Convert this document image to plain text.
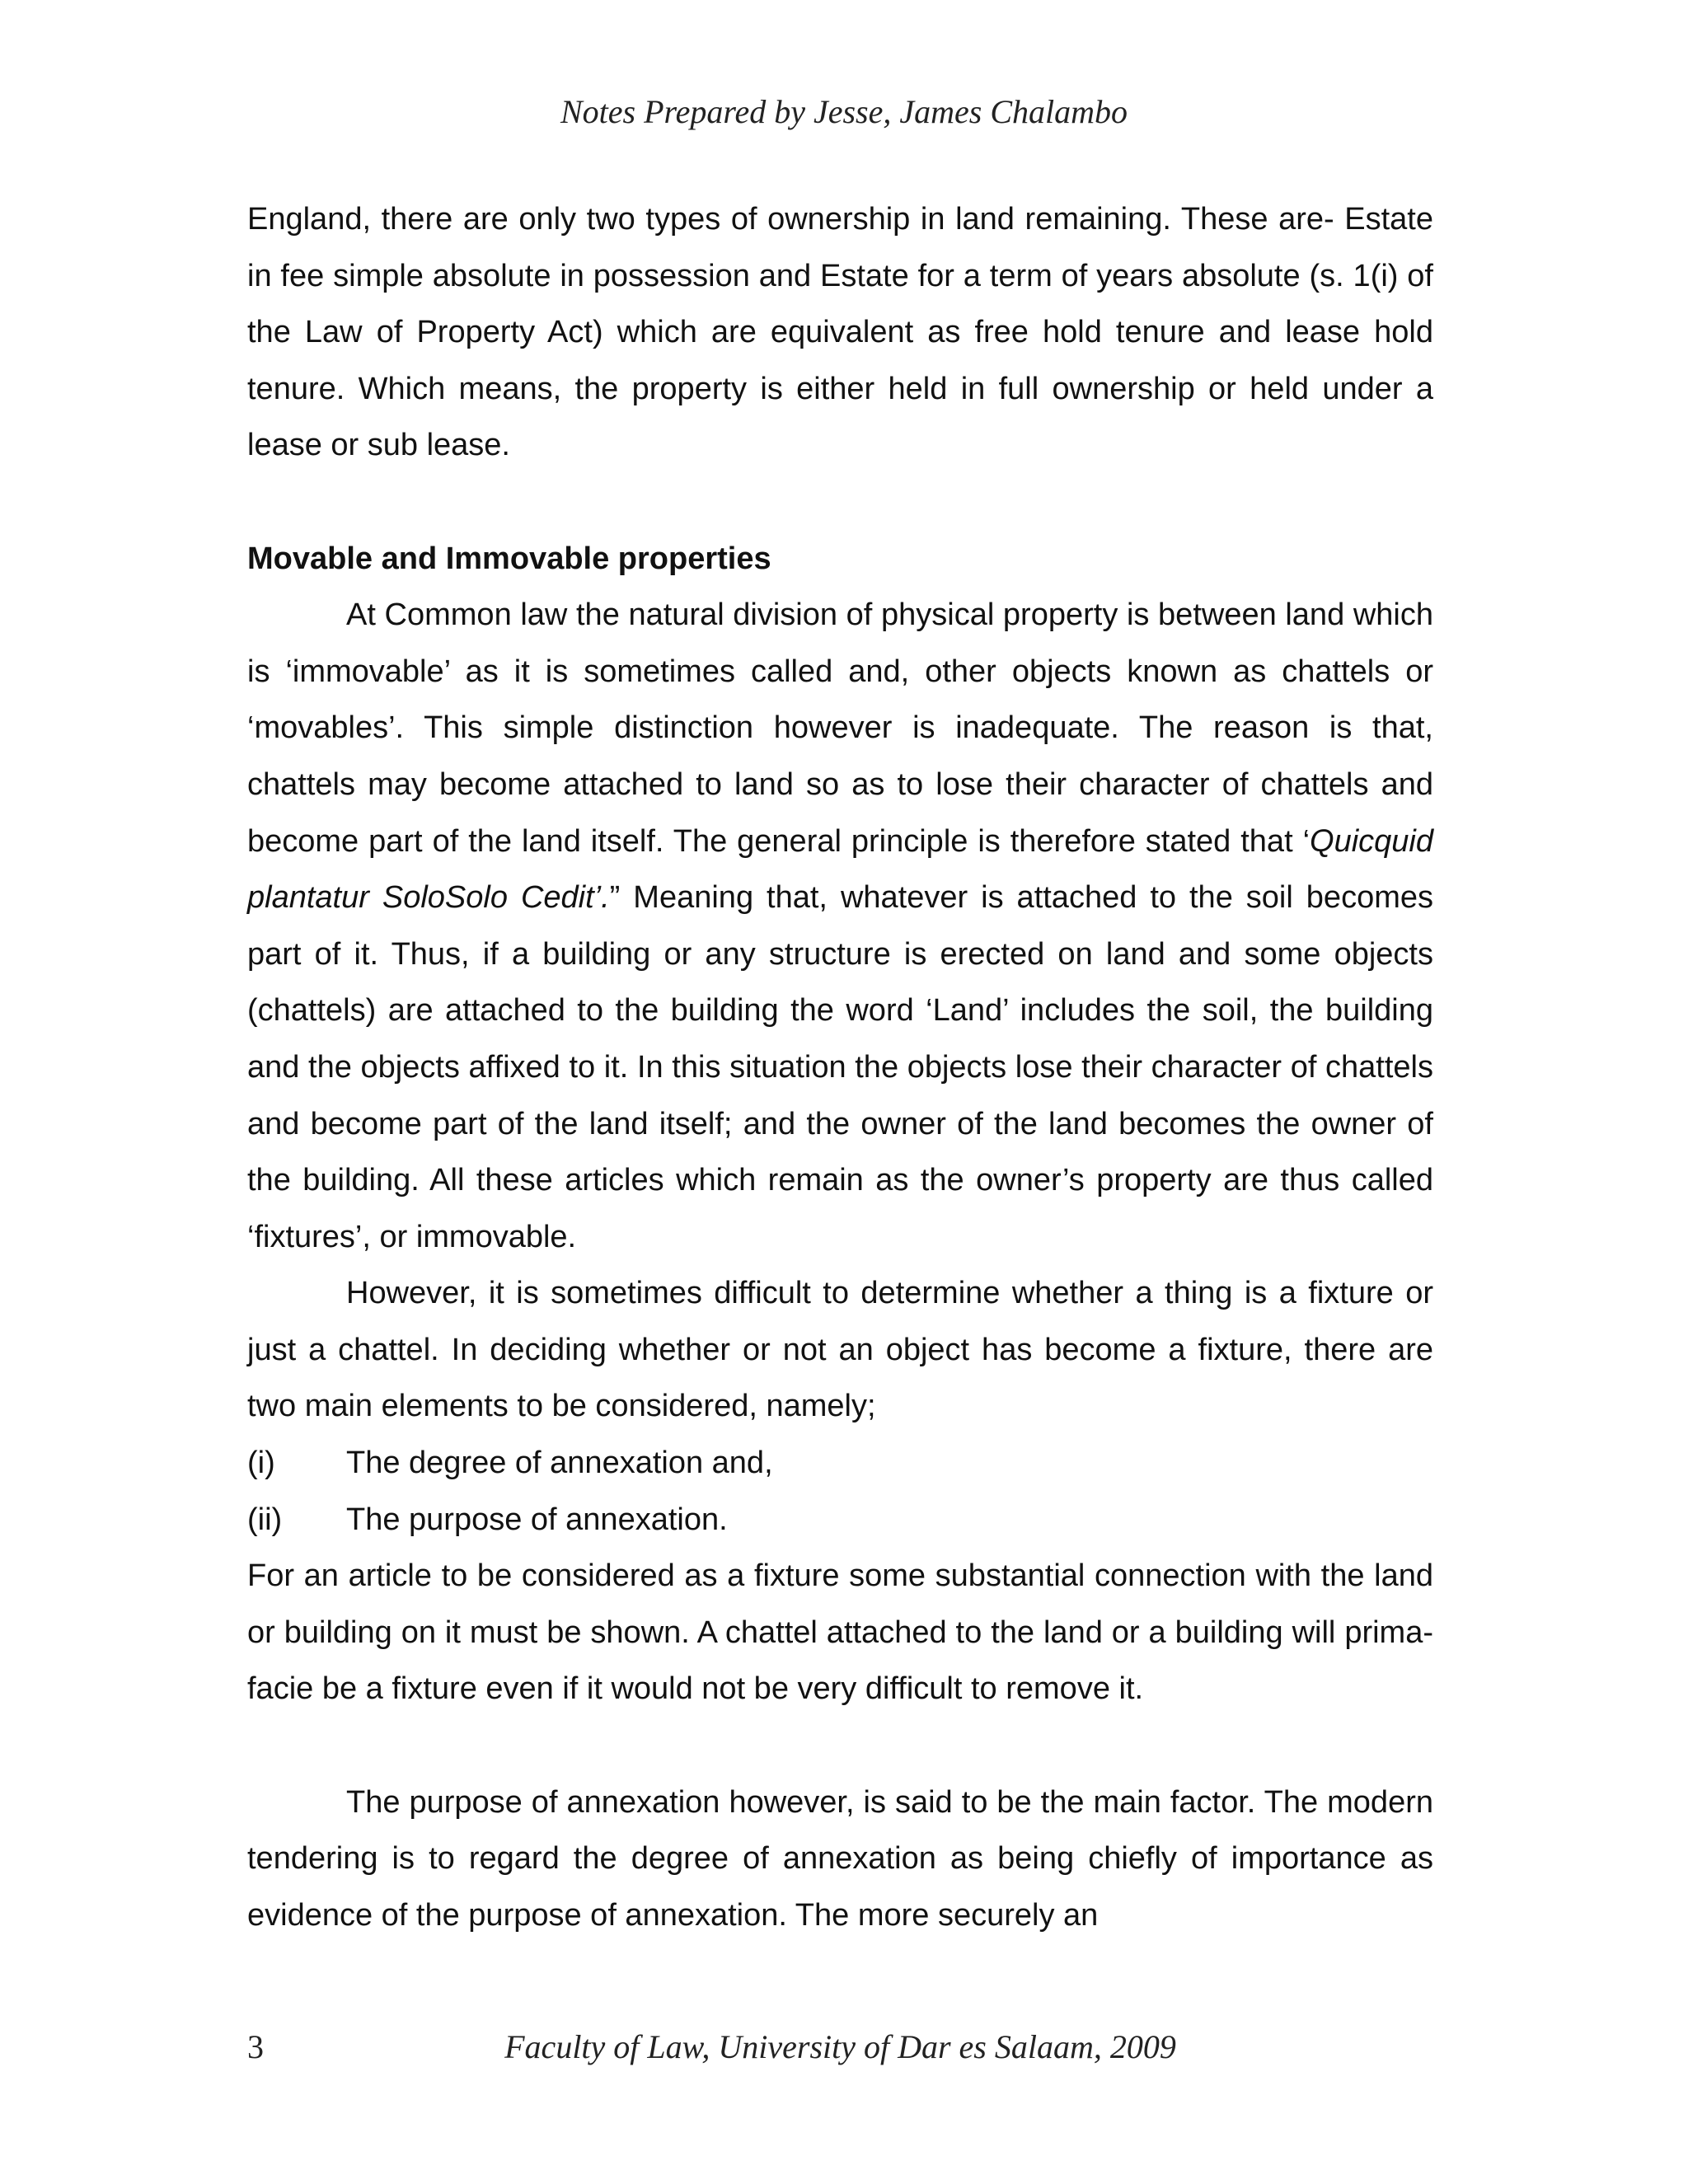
Notes Prepared by Jesse, James Chalambo

England, there are only two types of ownership in land remaining. These are- Estate in fee simple absolute in possession and Estate for a term of years absolute (s. 1(i) of the Law of Property Act) which are equivalent as free hold tenure and lease hold tenure. Which means, the property is either held in full ownership or held under a lease or sub lease.

Movable and Immovable properties

At Common law the natural division of physical property is between land which is ‘immovable’ as it is sometimes called and, other objects known as chattels or ‘movables’. This simple distinction however is inadequate. The reason is that, chattels may become attached to land so as to lose their character of chattels and become part of the land itself. The general principle is therefore stated that ‘Quicquid plantatur SoloSolo Cedit’.” Meaning that, whatever is attached to the soil becomes part of it. Thus, if a building or any structure is erected on land and some objects (chattels) are attached to the building the word ‘Land’ includes the soil, the building and the objects affixed to it. In this situation the objects lose their character of chattels and become part of the land itself; and the owner of the land becomes the owner of the building. All these articles which remain as the owner’s property are thus called ‘fixtures’, or immovable.

However, it is sometimes difficult to determine whether a thing is a fixture or just a chattel. In deciding whether or not an object has become a fixture, there are two main elements to be considered, namely;

(i)	The degree of annexation and,
(ii)	The purpose of annexation.

For an article to be considered as a fixture some substantial connection with the land or building on it must be shown. A chattel attached to the land or a building will prima-facie be a fixture even if it would not be very difficult to remove it.

The purpose of annexation however, is said to be the main factor. The modern tendering is to regard the degree of annexation as being chiefly of importance as evidence of the purpose of annexation. The more securely an

3	Faculty of Law, University of Dar es Salaam, 2009
